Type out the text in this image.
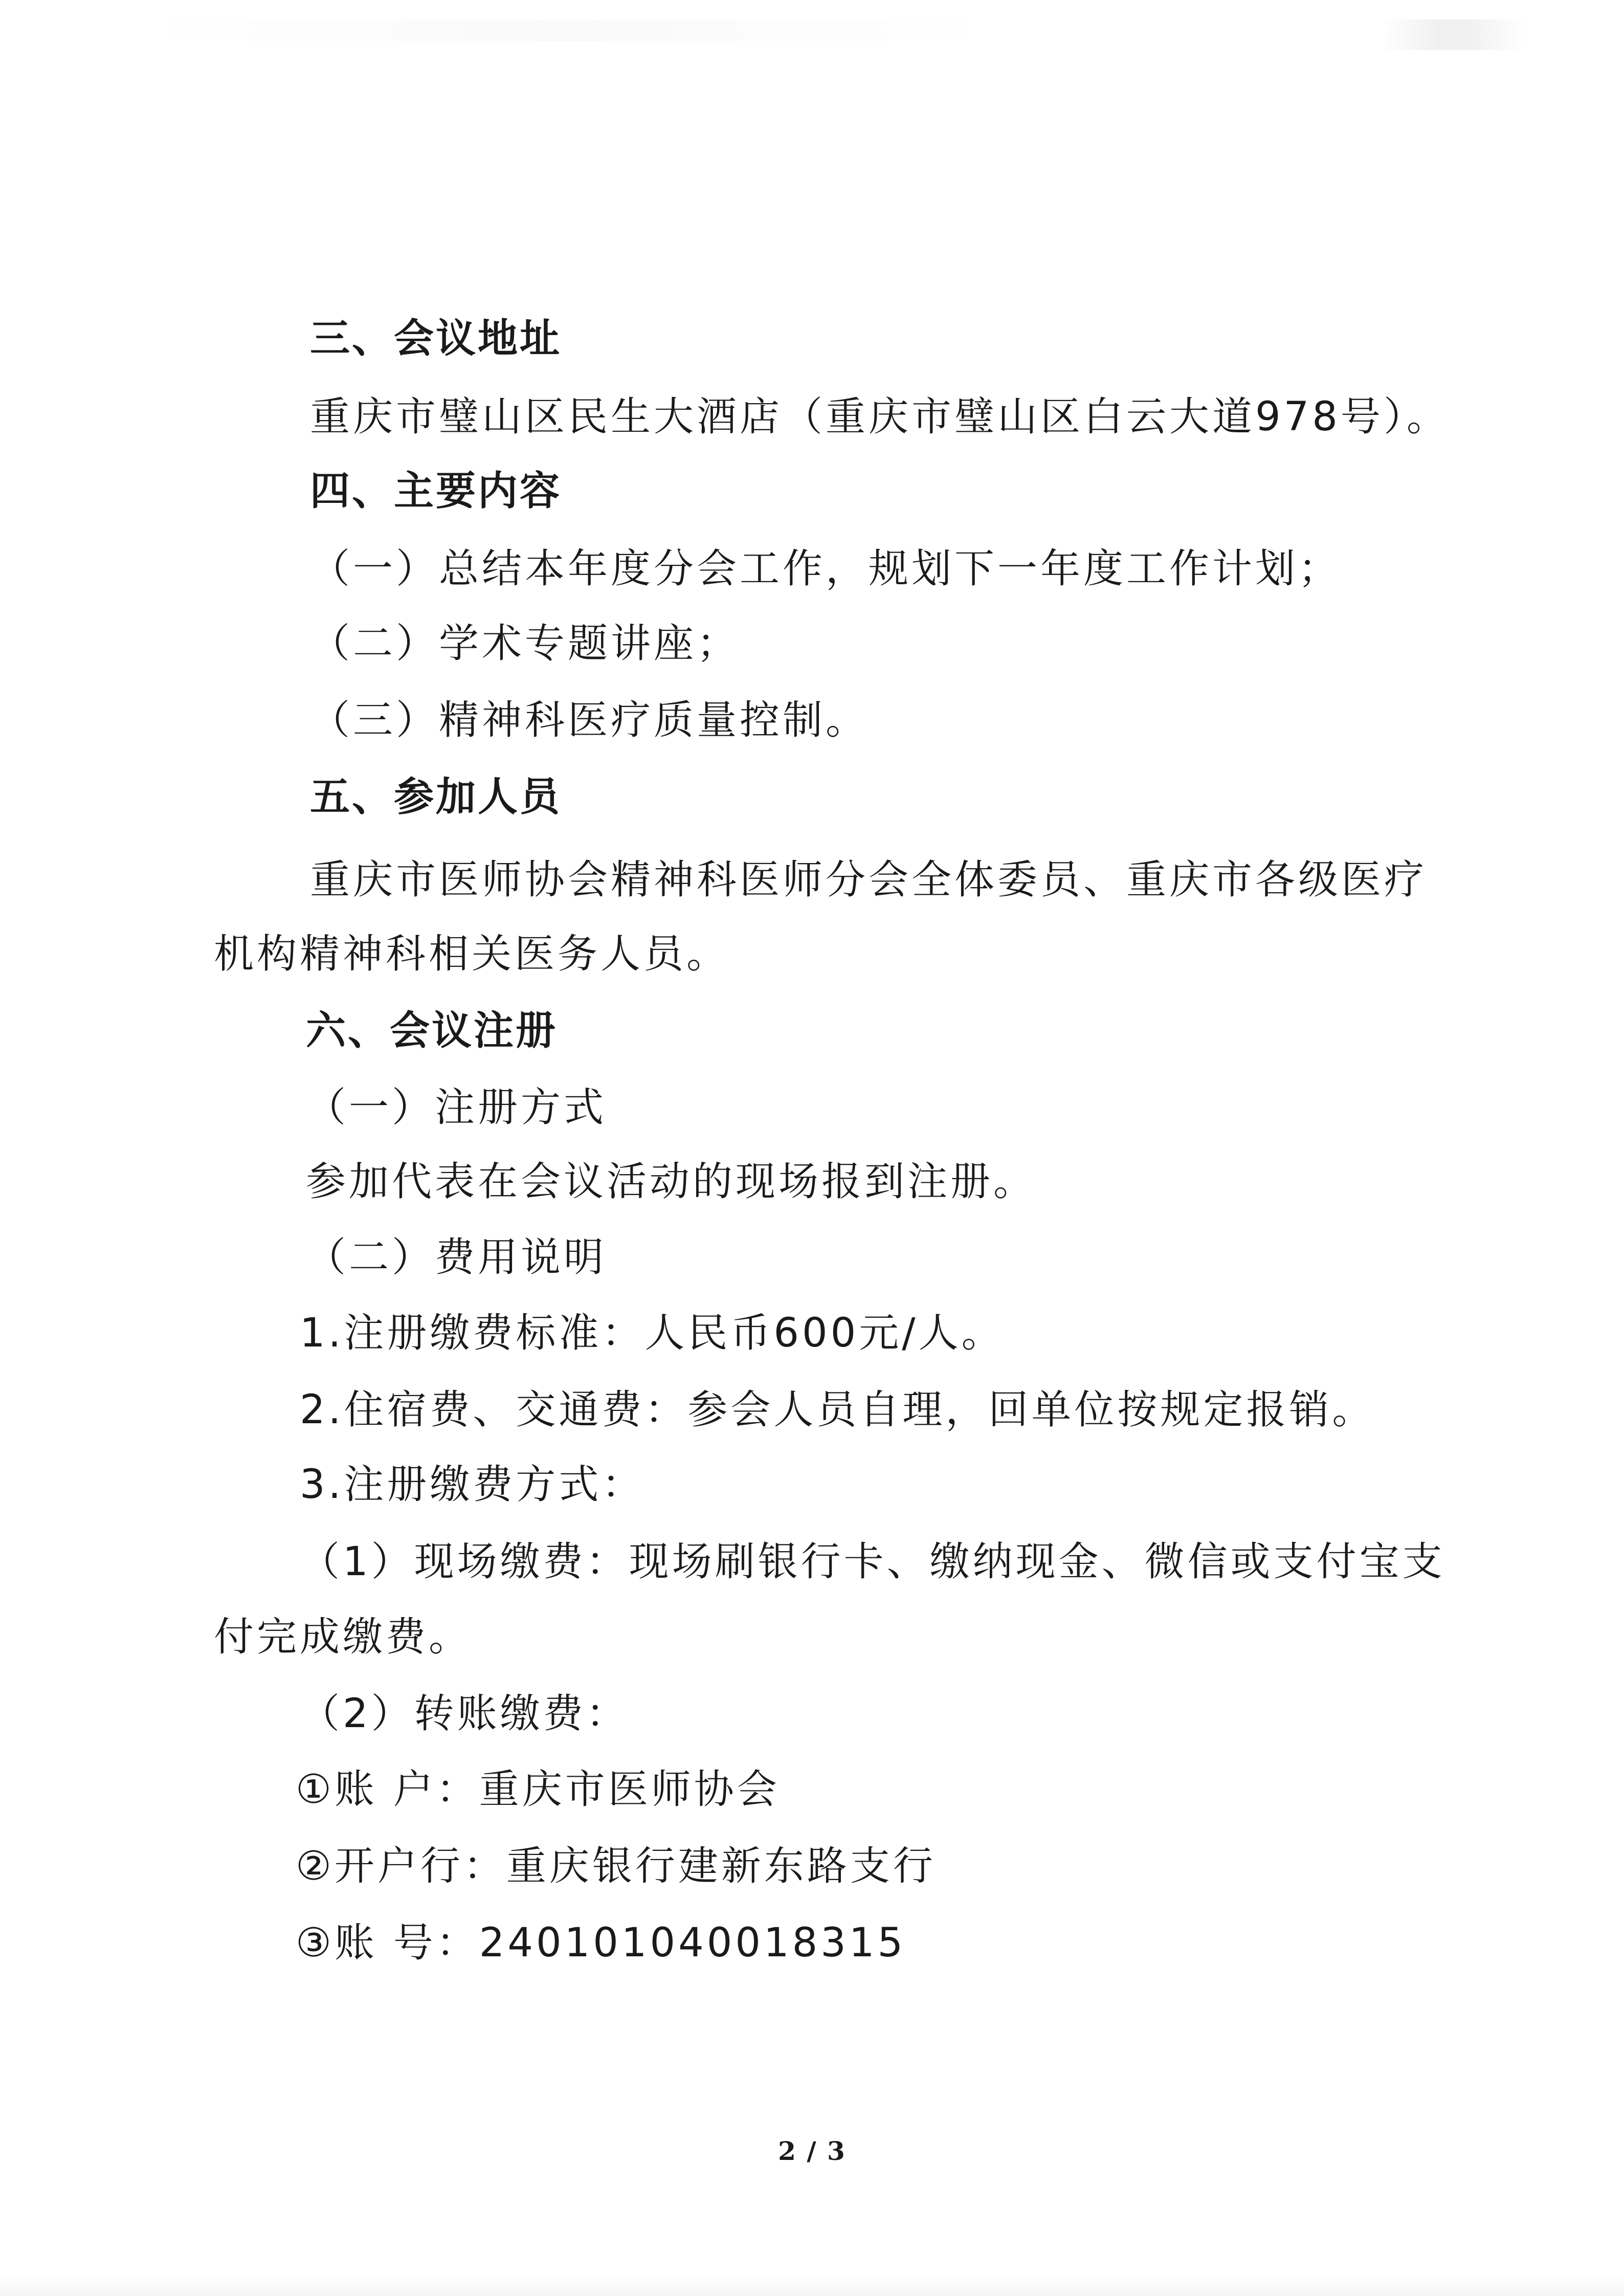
三、会议地址
重庆市璧山区民生大酒店（重庆市璧山区白云大道978号）。
四、主要内容
（一）总结本年度分会工作，规划下一年度工作计划；
（二）学术专题讲座；
（三）精神科医疗质量控制。
五、参加人员
重庆市医师协会精神科医师分会全体委员、重庆市各级医疗
机构精神科相关医务人员。
六、会议注册
（一）注册方式
参加代表在会议活动的现场报到注册。
（二）费用说明
1.注册缴费标准：人民币600元/人。
2.住宿费、交通费：参会人员自理，回单位按规定报销。
3.注册缴费方式：
（1）现场缴费：现场刷银行卡、缴纳现金、微信或支付宝支
付完成缴费。
（2）转账缴费：
①账 户：重庆市医师协会
②开户行：重庆银行建新东路支行
③账 号：240101040018315
2 / 3
